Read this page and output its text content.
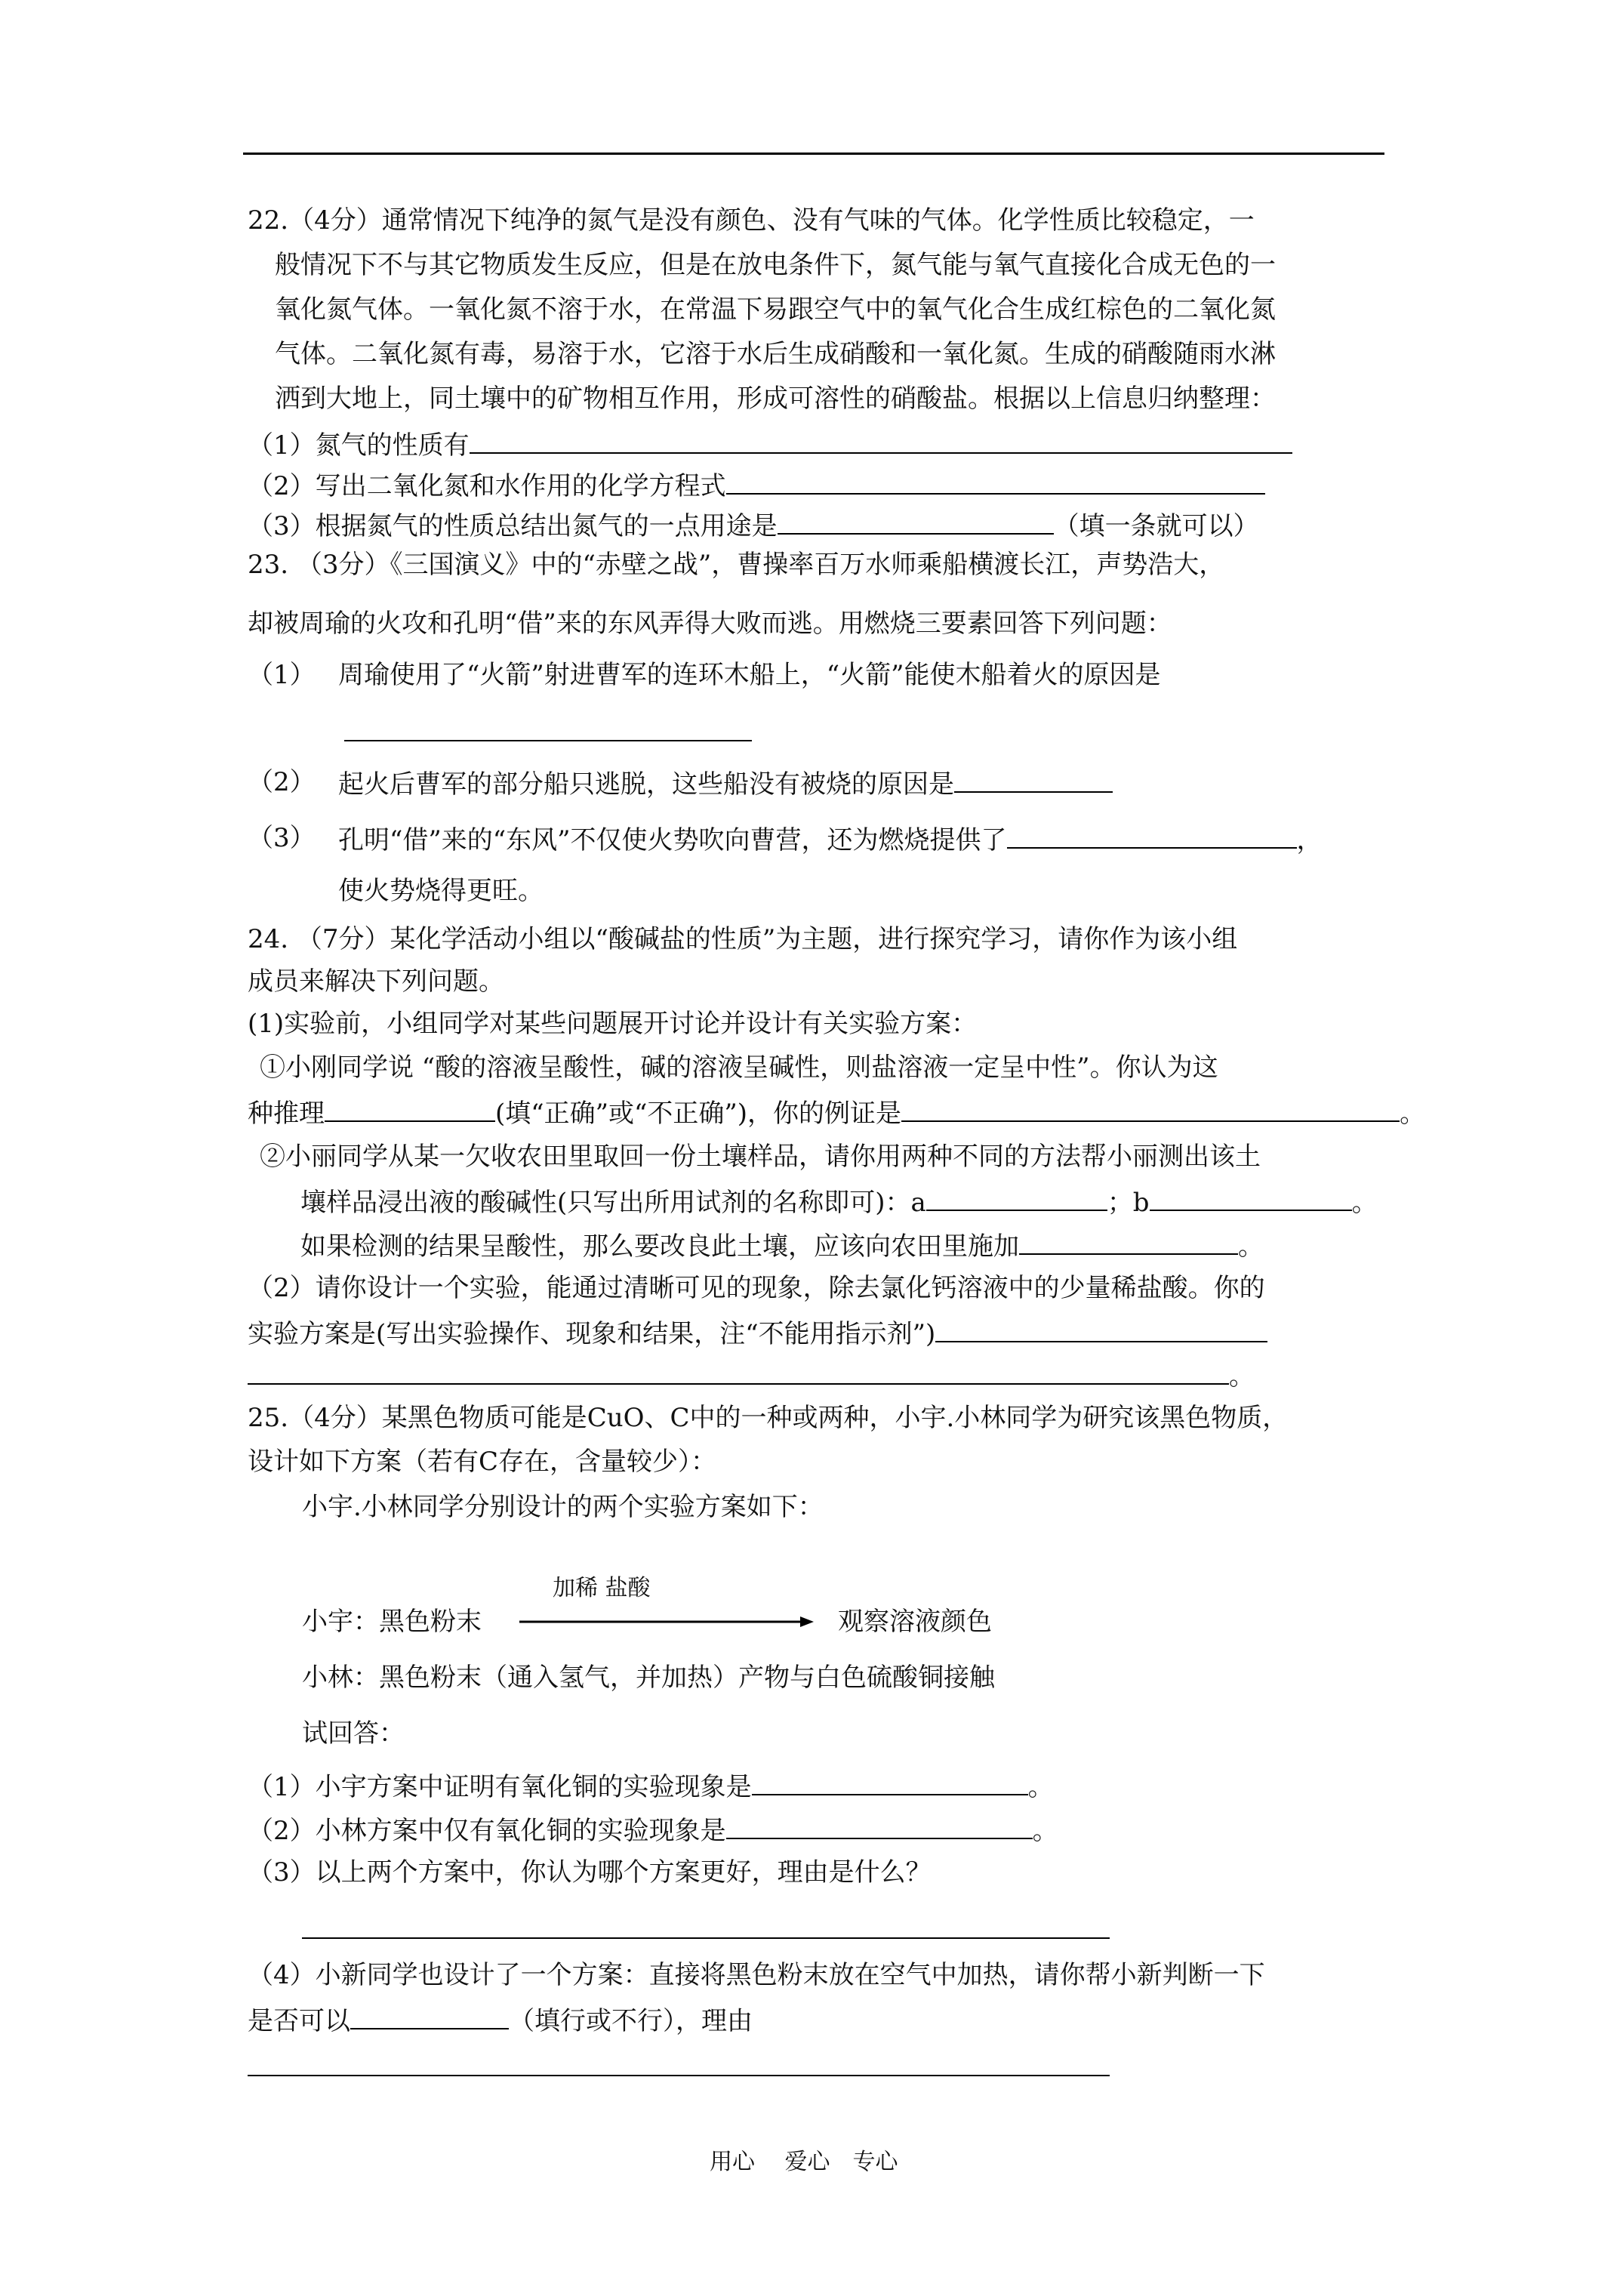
22.（4分）通常情况下纯净的氮气是没有颜色、没有气味的气体。化学性质比较稳定，一
般情况下不与其它物质发生反应，但是在放电条件下，氮气能与氧气直接化合成无色的一
氧化氮气体。一氧化氮不溶于水，在常温下易跟空气中的氧气化合生成红棕色的二氧化氮
气体。二氧化氮有毒，易溶于水，它溶于水后生成硝酸和一氧化氮。生成的硝酸随雨水淋
洒到大地上，同土壤中的矿物相互作用，形成可溶性的硝酸盐。根据以上信息归纳整理：
（1）氮气的性质有
（2）写出二氧化氮和水作用的化学方程式
（3）根据氮气的性质总结出氮气的一点用途是	（填一条就可以）
23. （3分）《三国演义》中的“赤壁之战”，曹操率百万水师乘船横渡长江，声势浩大，
却被周瑜的火攻和孔明“借”来的东风弄得大败而逃。用燃烧三要素回答下列问题：
（1） 周瑜使用了“火箭”射进曹军的连环木船上，“火箭”能使木船着火的原因是
（2） 起火后曹军的部分船只逃脱，这些船没有被烧的原因是
（3） 孔明“借”来的“东风”不仅使火势吹向曹营，还为燃烧提供了	，
使火势烧得更旺。
24. （7分）某化学活动小组以“酸碱盐的性质”为主题，进行探究学习，请你作为该小组
成员来解决下列问题。
(1)实验前，小组同学对某些问题展开讨论并设计有关实验方案：
①小刚同学说 “酸的溶液呈酸性，碱的溶液呈碱性，则盐溶液一定呈中性”。你认为这
种推理	(填“正确”或“不正确”)，你的例证是	。
②小丽同学从某一欠收农田里取回一份土壤样品，请你用两种不同的方法帮小丽测出该土
壤样品浸出液的酸碱性(只写出所用试剂的名称即可)：a	；b	。
如果检测的结果呈酸性，那么要改良此土壤，应该向农田里施加	。
（2）请你设计一个实验，能通过清晰可见的现象，除去氯化钙溶液中的少量稀盐酸。你的
实验方案是(写出实验操作、现象和结果，注“不能用指示剂”)
。
25.（4分）某黑色物质可能是CuO、C中的一种或两种，小宇.小林同学为研究该黑色物质，
设计如下方案（若有C存在，含量较少）：
小宇.小林同学分别设计的两个实验方案如下：
加稀 盐酸
小宇：黑色粉末	观察溶液颜色
小林：黑色粉末（通入氢气，并加热）产物与白色硫酸铜接触
试回答：
（1）小宇方案中证明有氧化铜的实验现象是	。
（2）小林方案中仅有氧化铜的实验现象是	。
（3）以上两个方案中，你认为哪个方案更好，理由是什么？
（4）小新同学也设计了一个方案：直接将黑色粉末放在空气中加热，请你帮小新判断一下
是否可以	（填行或不行），理由
用心　 爱心　专心
